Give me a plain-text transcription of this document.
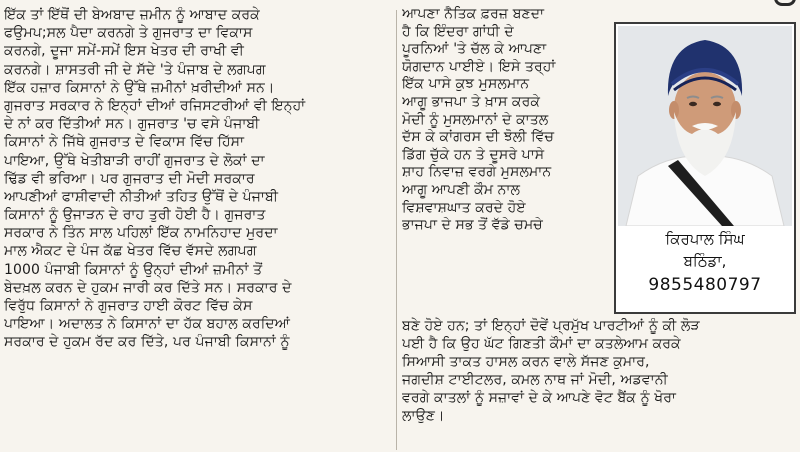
ਇੱਕ ਤਾਂ ਇੱਥੋਂ ਦੀ ਬੇਅਬਾਦ ਜ਼ਮੀਨ ਨੂੰ ਆਬਾਦ ਕਰਕੇ
ਫਉਮਪ;ਸਲ ਪੈਦਾ ਕਰਨਗੇ ਤੇ ਗੁਜਰਾਤ ਦਾ ਵਿਕਾਸ
ਕਰਨਗੇ, ਦੂਜਾ ਸਮੇਂ-ਸਮੇਂ ਇਸ ਖੇਤਰ ਦੀ ਰਾਖੀ ਵੀ
ਕਰਨਗੇ। ਸ਼ਾਸਤਰੀ ਜੀ ਦੇ ਸੱਦੇ 'ਤੇ ਪੰਜਾਬ ਦੇ ਲਗਪਗ
ਇੱਕ ਹਜ਼ਾਰ ਕਿਸਾਨਾਂ ਨੇ ਉੱਥੇ ਜ਼ਮੀਨਾਂ ਖ਼ਰੀਦੀਆਂ ਸਨ।
ਗੁਜਰਾਤ ਸਰਕਾਰ ਨੇ ਇਨ੍ਹਾਂ ਦੀਆਂ ਰਜਿਸਟਰੀਆਂ ਵੀ ਇਨ੍ਹਾਂ
ਦੇ ਨਾਂ ਕਰ ਦਿੱਤੀਆਂ ਸਨ। ਗੁਜਰਾਤ 'ਚ ਵਸੇ ਪੰਜਾਬੀ
ਕਿਸਾਨਾਂ ਨੇ ਜਿੱਥੇ ਗੁਜਰਾਤ ਦੇ ਵਿਕਾਸ ਵਿੱਚ ਹਿੱਸਾ
ਪਾਇਆ, ਉੱਥੇ ਖੇਤੀਬਾੜੀ ਰਾਹੀਂ ਗੁਜਰਾਤ ਦੇ ਲੋਕਾਂ ਦਾ
ਢਿੱਡ ਵੀ ਭਰਿਆ। ਪਰ ਗੁਜਰਾਤ ਦੀ ਮੋਦੀ ਸਰਕਾਰ
ਆਪਣੀਆਂ ਫਾਸ਼ੀਵਾਦੀ ਨੀਤੀਆਂ ਤਹਿਤ ਉੱਥੋਂ ਦੇ ਪੰਜਾਬੀ
ਕਿਸਾਨਾਂ ਨੂੰ ਉਜਾੜਨ ਦੇ ਰਾਹ ਤੁਰੀ ਹੋਈ ਹੈ। ਗੁਜਰਾਤ
ਸਰਕਾਰ ਨੇ ਤਿੰਨ ਸਾਲ ਪਹਿਲਾਂ ਇੱਕ ਨਾਮਨਿਹਾਦ ਮੁਰਦਾ
ਮਾਲ ਐਕਟ ਦੇ ਪੰਜ ਕੱਛ ਖੇਤਰ ਵਿੱਚ ਵੱਸਦੇ ਲਗਪਗ
1000 ਪੰਜਾਬੀ ਕਿਸਾਨਾਂ ਨੂੰ ਉਨ੍ਹਾਂ ਦੀਆਂ ਜ਼ਮੀਨਾਂ ਤੋਂ
ਬੇਦਖ਼ਲ ਕਰਨ ਦੇ ਹੁਕਮ ਜਾਰੀ ਕਰ ਦਿੱਤੇ ਸਨ। ਸਰਕਾਰ ਦੇ
ਵਿਰੁੱਧ ਕਿਸਾਨਾਂ ਨੇ ਗੁਜਰਾਤ ਹਾਈ ਕੋਰਟ ਵਿੱਚ ਕੇਸ
ਪਾਇਆ। ਅਦਾਲਤ ਨੇ ਕਿਸਾਨਾਂ ਦਾ ਹੱਕ ਬਹਾਲ ਕਰਦਿਆਂ
ਸਰਕਾਰ ਦੇ ਹੁਕਮ ਰੱਦ ਕਰ ਦਿੱਤੇ, ਪਰ ਪੰਜਾਬੀ ਕਿਸਾਨਾਂ ਨੂੰ
ਆਪਣਾ ਨੈਤਿਕ ਫ਼ਰਜ਼ ਬਣਦਾ
ਹੈ ਕਿ ਇੰਦਰਾ ਗਾਂਧੀ ਦੇ
ਪੂਰਨਿਆਂ 'ਤੇ ਚੱਲ ਕੇ ਆਪਣਾ
ਯੋਗਦਾਨ ਪਾਈਏ। ਇਸੇ ਤਰ੍ਹਾਂ
ਇੱਕ ਪਾਸੇ ਕੁਝ ਮੁਸਲਮਾਨ
ਆਗੂ ਭਾਜਪਾ ਤੇ ਖ਼ਾਸ ਕਰਕੇ
ਮੋਦੀ ਨੂੰ ਮੁਸਲਮਾਨਾਂ ਦੇ ਕਾਤਲ
ਦੱਸ ਕੇ ਕਾਂਗਰਸ ਦੀ ਝੋਲੀ ਵਿੱਚ
ਡਿੱਗ ਚੁੱਕੇ ਹਨ ਤੇ ਦੂਸਰੇ ਪਾਸੇ
ਸ਼ਾਹ ਨਿਵਾਜ਼ ਵਰਗੇ ਮੁਸਲਮਾਨ
ਆਗੂ ਆਪਣੀ ਕੌਮ ਨਾਲ
ਵਿਸ਼ਵਾਸ਼ਘਾਤ ਕਰਦੇ ਹੋਏ
ਭਾਜਪਾ ਦੇ ਸਭ ਤੋਂ ਵੱਡੇ ਚਮਚੇ
ਕਿਰਪਾਲ ਸਿੰਘ
ਬਠਿੰਡਾ,
9855480797
ਬਣੇ ਹੋਏ ਹਨ; ਤਾਂ ਇਨ੍ਹਾਂ ਦੋਵੇਂ ਪ੍ਰਮੁੱਖ ਪਾਰਟੀਆਂ ਨੂੰ ਕੀ ਲੋੜ
ਪਈ ਹੈ ਕਿ ਉਹ ਘੱਟ ਗਿਣਤੀ ਕੌਮਾਂ ਦਾ ਕਤਲੇਆਮ ਕਰਕੇ
ਸਿਆਸੀ ਤਾਕਤ ਹਾਸਲ ਕਰਨ ਵਾਲੇ ਸੱਜਣ ਕੁਮਾਰ,
ਜਗਦੀਸ਼ ਟਾਈਟਲਰ, ਕਮਲ ਨਾਥ ਜਾਂ ਮੋਦੀ, ਅਡਵਾਨੀ
ਵਰਗੇ ਕਾਤਲਾਂ ਨੂੰ ਸਜ਼ਾਵਾਂ ਦੇ ਕੇ ਆਪਣੇ ਵੋਟ ਬੈਂਕ ਨੂੰ ਖੋਰਾ
ਲਾਉਣ।
